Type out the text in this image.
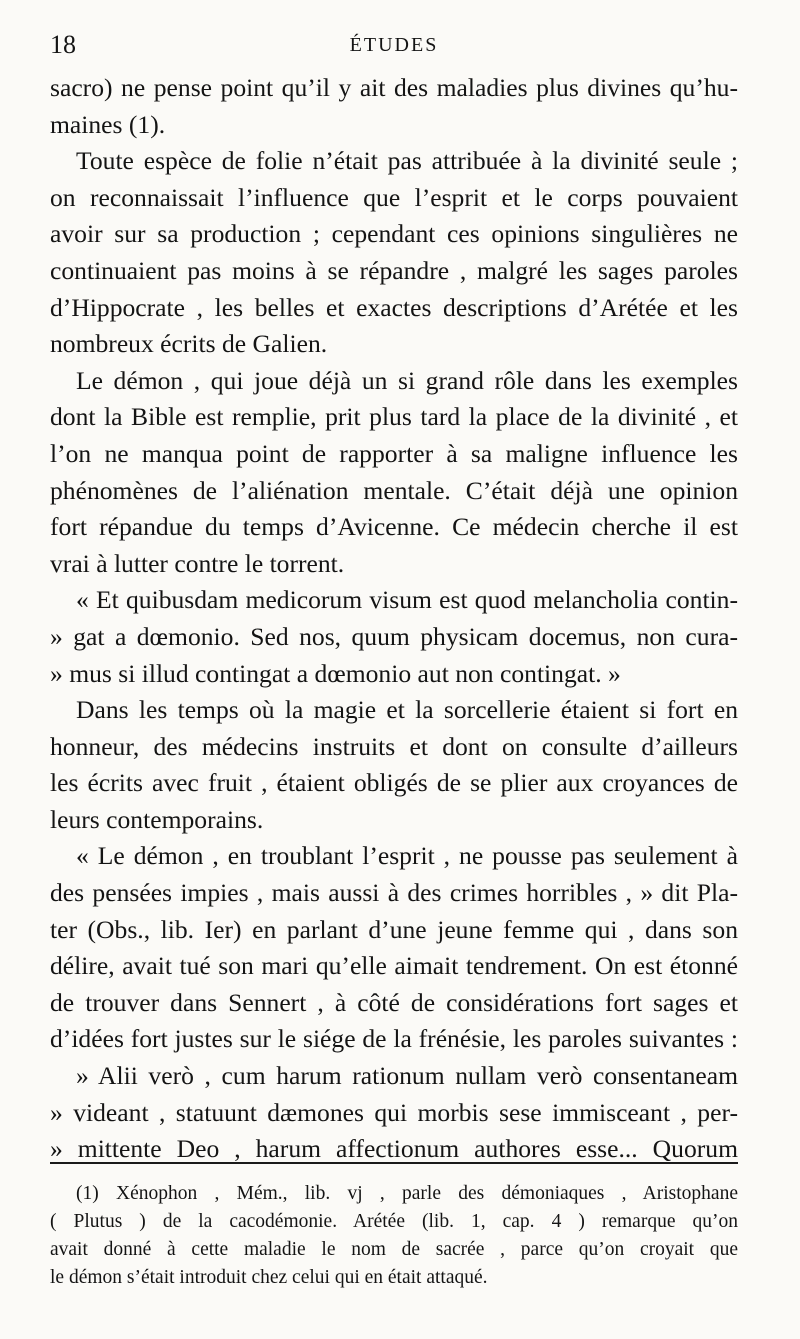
18	ÉTUDES

sacro) ne pense point qu’il y ait des maladies plus divines qu’hu-
maines (1).

Toute espèce de folie n’était pas attribuée à la divinité seule ;
on reconnaissait l’influence que l’esprit et le corps pouvaient
avoir sur sa production ; cependant ces opinions singulières ne
continuaient pas moins à se répandre , malgré les sages paroles
d’Hippocrate , les belles et exactes descriptions d’Arétée et les
nombreux écrits de Galien.

Le démon , qui joue déjà un si grand rôle dans les exemples
dont la Bible est remplie, prit plus tard la place de la divinité , et
l’on ne manqua point de rapporter à sa maligne influence les
phénomènes de l’aliénation mentale. C’était déjà une opinion
fort répandue du temps d’Avicenne. Ce médecin cherche il est
vrai à lutter contre le torrent.

« Et quibusdam medicorum visum est quod melancholia contin-
» gat a dœmonio. Sed nos, quum physicam docemus, non cura-
» mus si illud contingat a dœmonio aut non contingat. »

Dans les temps où la magie et la sorcellerie étaient si fort en
honneur, des médecins instruits et dont on consulte d’ailleurs
les écrits avec fruit , étaient obligés de se plier aux croyances de
leurs contemporains.

« Le démon , en troublant l’esprit , ne pousse pas seulement à
des pensées impies , mais aussi à des crimes horribles , » dit Pla-
ter (Obs., lib. Ier) en parlant d’une jeune femme qui , dans son
délire, avait tué son mari qu’elle aimait tendrement. On est étonné
de trouver dans Sennert , à côté de considérations fort sages et
d’idées fort justes sur le siége de la frénésie, les paroles suivantes :

» Alii verò , cum harum rationum nullam verò consentaneam
» videant , statuunt dæmones qui morbis sese immisceant , per-
» mittente Deo , harum affectionum authores esse... Quorum

(1) Xénophon , Mém., lib. vj , parle des démoniaques , Aristophane
( Plutus ) de la cacodémonie. Arétée (lib. 1, cap. 4 ) remarque qu’on
avait donné à cette maladie le nom de sacrée , parce qu’on croyait que
le démon s’était introduit chez celui qui en était attaqué.
